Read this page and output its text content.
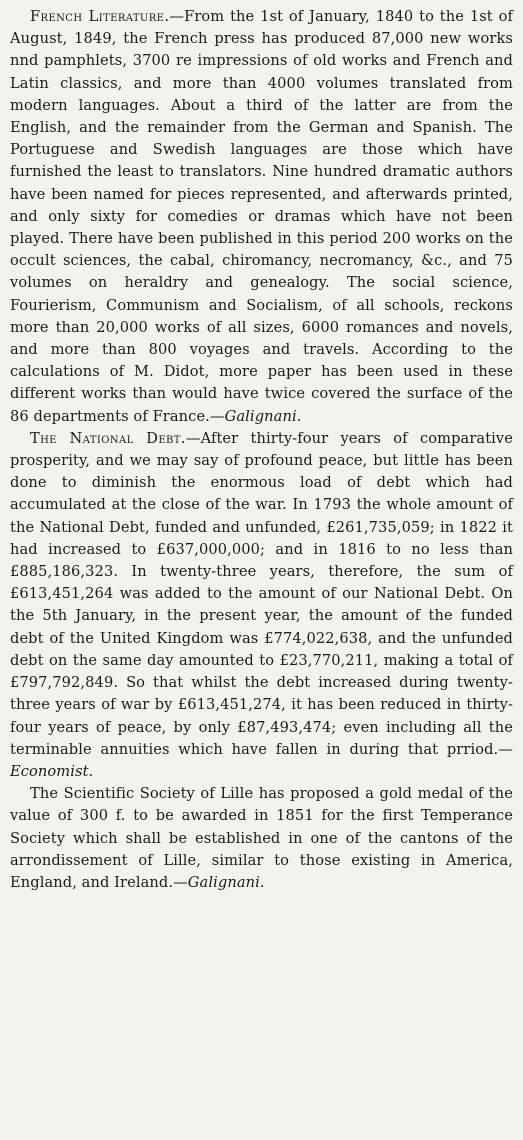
French Literature.—From the 1st of January, 1840 to the 1st of August, 1849, the French press has produced 87,000 new works nnd pamphlets, 3700 re impressions of old works and French and Latin classics, and more than 4000 volumes translated from modern languages. About a third of the latter are from the English, and the remainder from the German and Spanish. The Portuguese and Swedish languages are those which have furnished the least to translators. Nine hundred dramatic authors have been named for pieces represented, and afterwards printed, and only sixty for comedies or dramas which have not been played. There have been published in this period 200 works on the occult sciences, the cabal, chiromancy, necromancy, &c., and 75 volumes on heraldry and genealogy. The social science, Fourierism, Communism and Socialism, of all schools, reckons more than 20,000 works of all sizes, 6000 romances and novels, and more than 800 voyages and travels. According to the calculations of M. Didot, more paper has been used in these different works than would have twice covered the surface of the 86 departments of France.—Galignani.

The National Debt.—After thirty-four years of comparative prosperity, and we may say of profound peace, but little has been done to diminish the enormous load of debt which had accumulated at the close of the war. In 1793 the whole amount of the National Debt, funded and unfunded, £261,735,059; in 1822 it had increased to £637,000,000; and in 1816 to no less than £885,186,323. In twenty-three years, therefore, the sum of £613,451,264 was added to the amount of our National Debt. On the 5th January, in the present year, the amount of the funded debt of the United Kingdom was £774,022,638, and the unfunded debt on the same day amounted to £23,770,211, making a total of £797,792,849. So that whilst the debt increased during twenty-three years of war by £613,451,274, it has been reduced in thirty-four years of peace, by only £87,493,474; even including all the terminable annuities which have fallen in during that prriod.—Economist.

The Scientific Society of Lille has proposed a gold medal of the value of 300 f. to be awarded in 1851 for the first Temperance Society which shall be established in one of the cantons of the arrondissement of Lille, similar to those existing in America, England, and Ireland.—Galignani.
